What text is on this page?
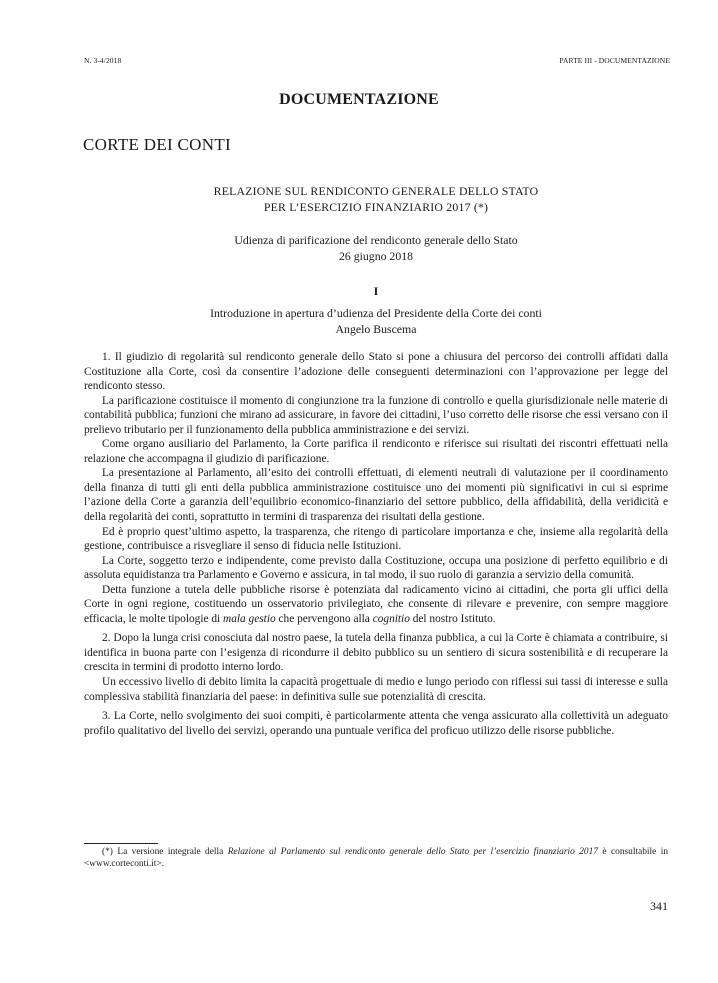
N. 3-4/2018	PARTE III - DOCUMENTAZIONE
DOCUMENTAZIONE
CORTE DEI CONTI
RELAZIONE SUL RENDICONTO GENERALE DELLO STATO
PER L’ESERCIZIO FINANZIARIO 2017 (*)
Udienza di parificazione del rendiconto generale dello Stato
26 giugno 2018
I
Introduzione in apertura d’udienza del Presidente della Corte dei conti
Angelo Buscema

1. Il giudizio di regolarità sul rendiconto generale dello Stato si pone a chiusura del percorso dei controlli affidati dalla Costituzione alla Corte, così da consentire l’adozione delle conseguenti determinazioni con l’approvazione per legge del rendiconto stesso.

La parificazione costituisce il momento di congiunzione tra la funzione di controllo e quella giurisdizionale nelle materie di contabilità pubblica; funzioni che mirano ad assicurare, in favore dei cittadini, l’uso corretto delle risorse che essi versano con il prelievo tributario per il funzionamento della pubblica amministrazione e dei servizi.

Come organo ausiliario del Parlamento, la Corte parifica il rendiconto e riferisce sui risultati dei riscontri effettuati nella relazione che accompagna il giudizio di parificazione.

La presentazione al Parlamento, all’esito dei controlli effettuati, di elementi neutrali di valutazione per il coordinamento della finanza di tutti gli enti della pubblica amministrazione costituisce uno dei momenti più significativi in cui si esprime l’azione della Corte a garanzia dell’equilibrio economico-finanziario del settore pubblico, della affidabilità, della veridicità e della regolarità dei conti, soprattutto in termini di trasparenza dei risultati della gestione.

Ed è proprio quest’ultimo aspetto, la trasparenza, che ritengo di particolare importanza e che, insieme alla regolarità della gestione, contribuisce a risvegliare il senso di fiducia nelle Istituzioni.

La Corte, soggetto terzo e indipendente, come previsto dalla Costituzione, occupa una posizione di perfetto equilibrio e di assoluta equidistanza tra Parlamento e Governo e assicura, in tal modo, il suo ruolo di garanzia a servizio della comunità.

Detta funzione a tutela delle pubbliche risorse è potenziata dal radicamento vicino ai cittadini, che porta gli uffici della Corte in ogni regione, costituendo un osservatorio privilegiato, che consente di rilevare e prevenire, con sempre maggiore efficacia, le molte tipologie di mala gestio che pervengono alla cognitio del nostro Istituto.

2. Dopo la lunga crisi conosciuta dal nostro paese, la tutela della finanza pubblica, a cui la Corte è chiamata a contribuire, si identifica in buona parte con l’esigenza di ricondurre il debito pubblico su un sentiero di sicura sostenibilità e di recuperare la crescita in termini di prodotto interno lordo.

Un eccessivo livello di debito limita la capacità progettuale di medio e lungo periodo con riflessi sui tassi di interesse e sulla complessiva stabilità finanziaria del paese: in definitiva sulle sue potenzialità di crescita.

3. La Corte, nello svolgimento dei suoi compiti, è particolarmente attenta che venga assicurato alla collettività un adeguato profilo qualitativo del livello dei servizi, operando una puntuale verifica del proficuo utilizzo delle risorse pubbliche.

(*) La versione integrale della Relazione al Parlamento sul rendiconto generale dello Stato per l’esercizio finanziario 2017 è consultabile in <www.corteconti.it>.
341
